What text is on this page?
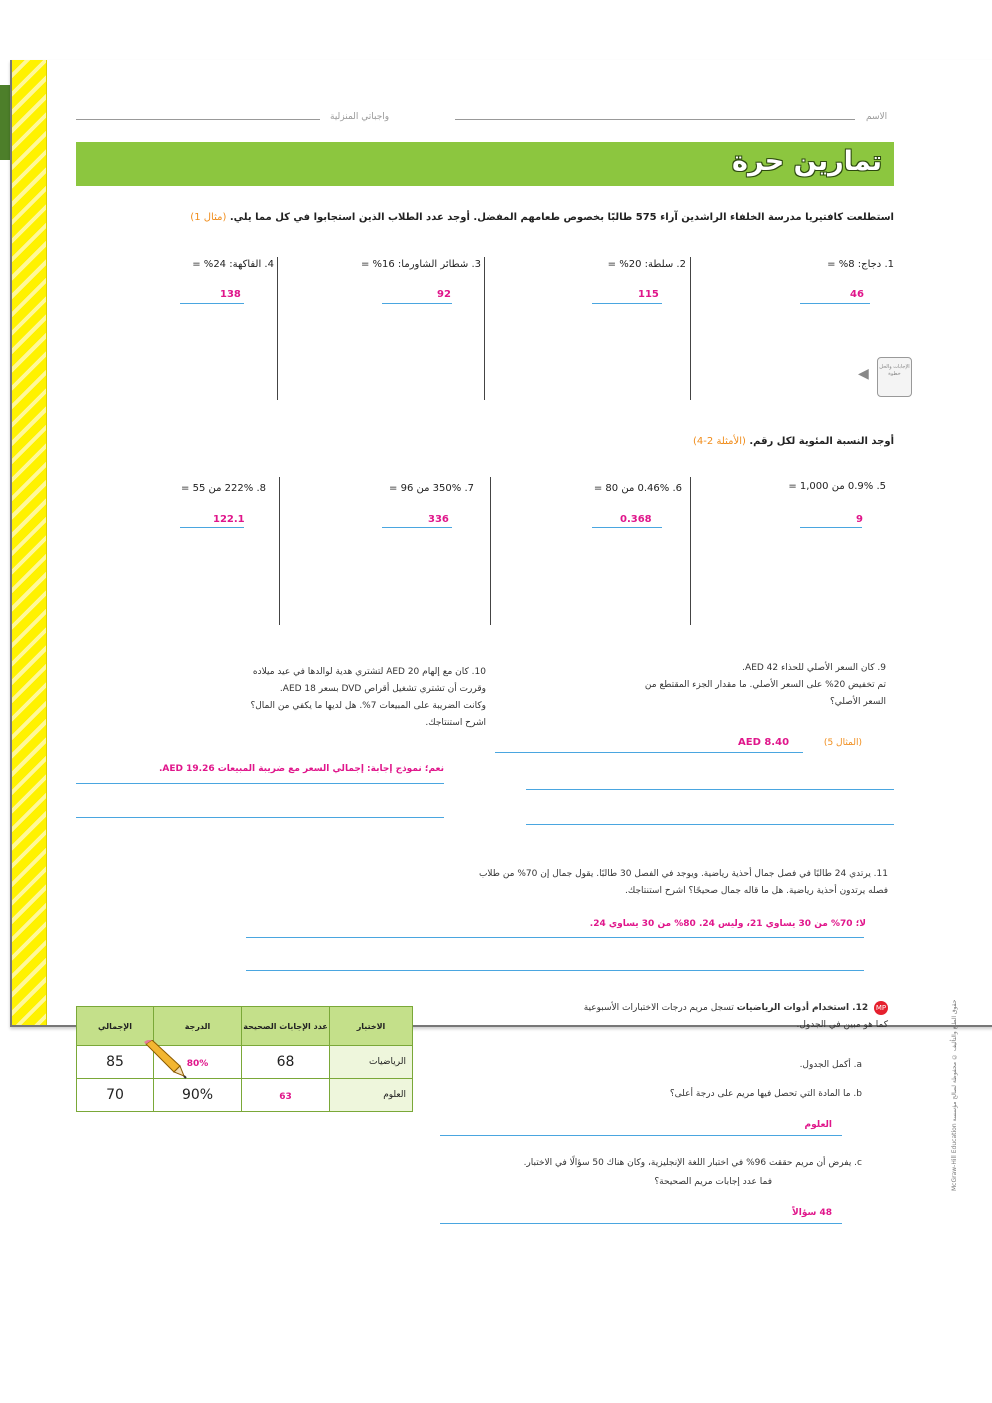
الاسم
واجباتي المنزلية
تمارين حرة
استطلعت كافتيريا مدرسة الخلفاء الراشدين آراء 575 طالبًا بخصوص طعامهم المفضل. أوجد عدد الطلاب الذين استجابوا في كل مما يلي. (مثال 1)
1. دجاج: 8% =
46
2. سلطة: 20% =
115
3. شطائر الشاورما: 16% =
92
4. الفاكهة: 24% =
138
◀	الإجابات والحل خطوة
أوجد النسبة المئوية لكل رقم. (الأمثلة 2-4)
5. 0.9% من 1,000 =
9
6. 0.46% من 80 =
0.368
7. 350% من 96 =
336
8. 222% من 55 =
122.1
9. كان السعر الأصلي للحذاء AED 42.
تم تخفيض 20% على السعر الأصلي. ما مقدار الجزء المقتطع من
السعر الأصلي؟
(المثال 5)
AED 8.40
10. كان مع إلهام AED 20 لتشتري هدية لوالدها في عيد ميلاده
وقررت أن تشتري تشغيل أقراص DVD بسعر AED 18.
وكانت الضريبة على المبيعات 7%. هل لديها ما يكفي من المال؟
اشرح استنتاجك.
نعم؛ نموذج إجابة: إجمالي السعر مع ضريبة المبيعات AED 19.26.
11. يرتدي 24 طالبًا في فصل جمال أحذية رياضية. ويوجد في الفصل 30 طالبًا. يقول جمال إن 70% من طلاب
فصله يرتدون أحذية رياضية. هل ما قاله جمال صحيحًا؟ اشرح استنتاجك.
لا؛ 70% من 30 يساوي 21، وليس 24. 80% من 30 يساوي 24.
MP 12. استخدام أدوات الرياضيات تسجل مريم درجات الاختبارات الأسبوعية
كما هو مبين في الجدول.
a. أكمل الجدول.
b. ما المادة التي تحصل فيها مريم على درجة أعلى؟
العلوم
c. يفرض أن مريم حققت 96% في اختبار اللغة الإنجليزية، وكان هناك 50 سؤالًا في الاختبار.
فما عدد إجابات مريم الصحيحة؟
48 سؤالاً
الاختبار	عدد الإجابات الصحيحة	الدرجة	الإجمالي
الرياضيات	68	80%	85
العلوم	63	90%	70
حقوق الطبع والتأليف © محفوظة لصالح مؤسسة McGraw-Hill Education
